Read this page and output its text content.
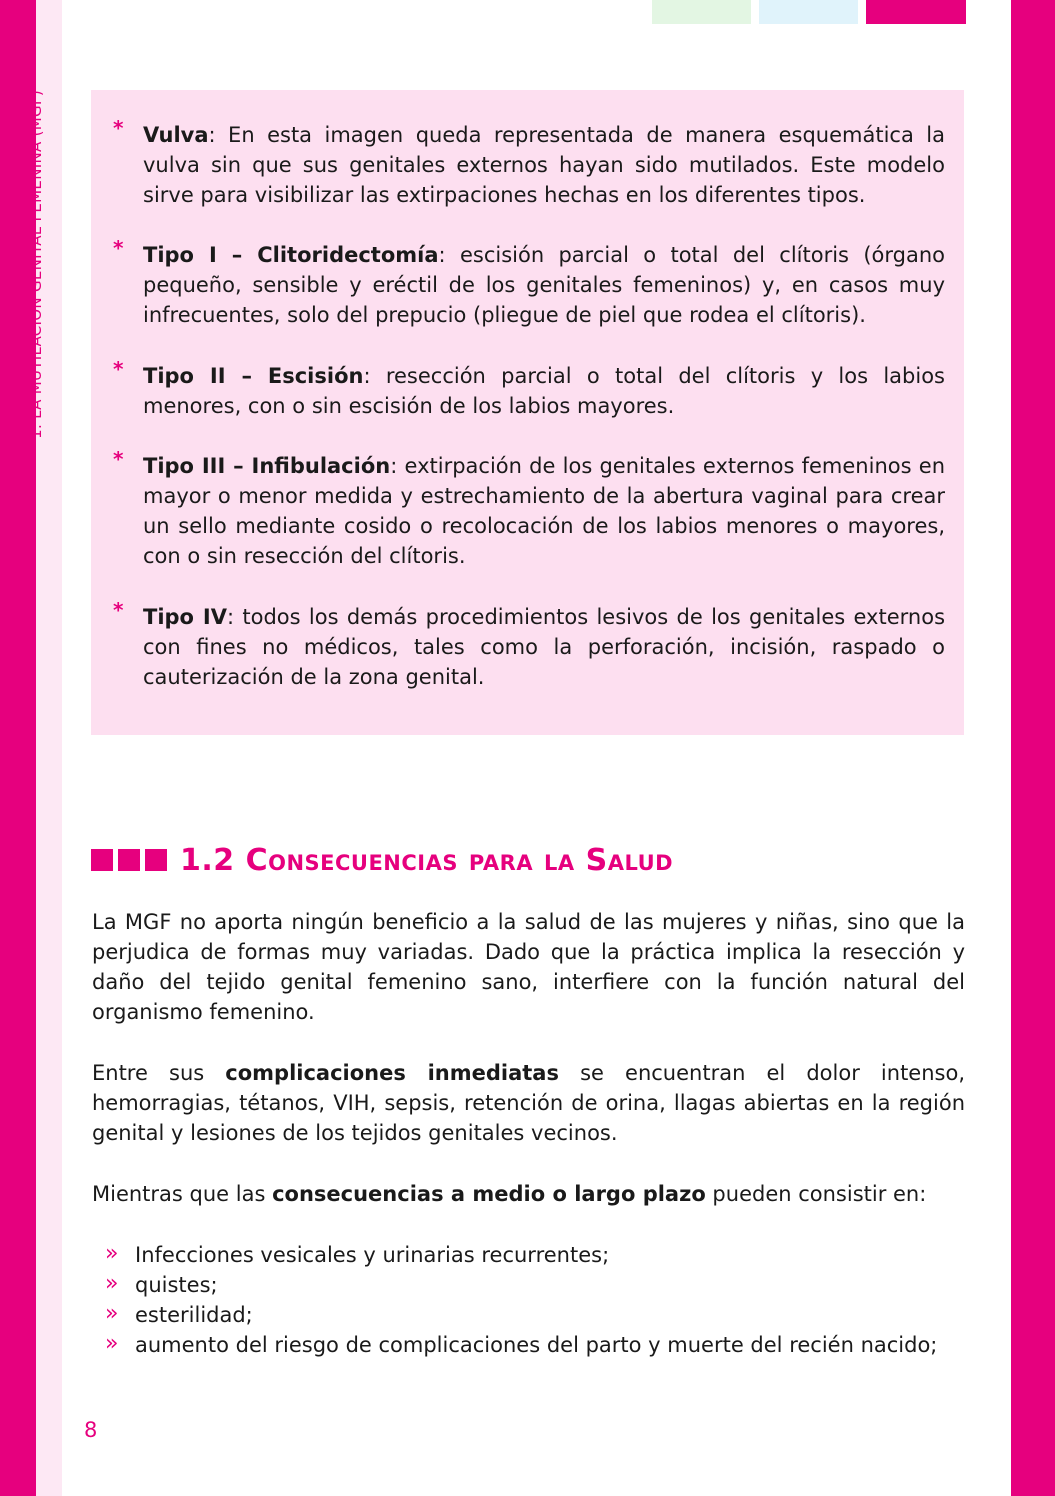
1. LA MUTILACIÓN GENITAL FEMENINA (MGF)	* Vulva: En esta imagen queda representada de manera esquemática la vulva sin que sus genitales externos hayan sido mutilados. Este modelo sirve para visibilizar las extirpaciones hechas en los diferentes tipos.

* Tipo I – Clitoridectomía: escisión parcial o total del clítoris (órgano pequeño, sensible y eréctil de los genitales femeninos) y, en casos muy infrecuentes, solo del prepucio (pliegue de piel que rodea el clítoris).

* Tipo II – Escisión: resección parcial o total del clítoris y los labios menores, con o sin escisión de los labios mayores.

* Tipo III – Infibulación: extirpación de los genitales externos femeninos en mayor o menor medida y estrechamiento de la abertura vaginal para crear un sello mediante cosido o recolocación de los labios menores o mayores, con o sin resección del clítoris.

* Tipo IV: todos los demás procedimientos lesivos de los genitales externos con fines no médicos, tales como la perforación, incisión, raspado o cauterización de la zona genital.

1.2 Consecuencias para la Salud

La MGF no aporta ningún beneficio a la salud de las mujeres y niñas, sino que la perjudica de formas muy variadas. Dado que la práctica implica la resección y daño del tejido genital femenino sano, interfiere con la función natural del organismo femenino.

Entre sus complicaciones inmediatas se encuentran el dolor intenso, hemorragias, tétanos, VIH, sepsis, retención de orina, llagas abiertas en la región genital y lesiones de los tejidos genitales vecinos.

Mientras que las consecuencias a medio o largo plazo pueden consistir en:

» Infecciones vesicales y urinarias recurrentes;
» quistes;
» esterilidad;
» aumento del riesgo de complicaciones del parto y muerte del recién nacido;
8
